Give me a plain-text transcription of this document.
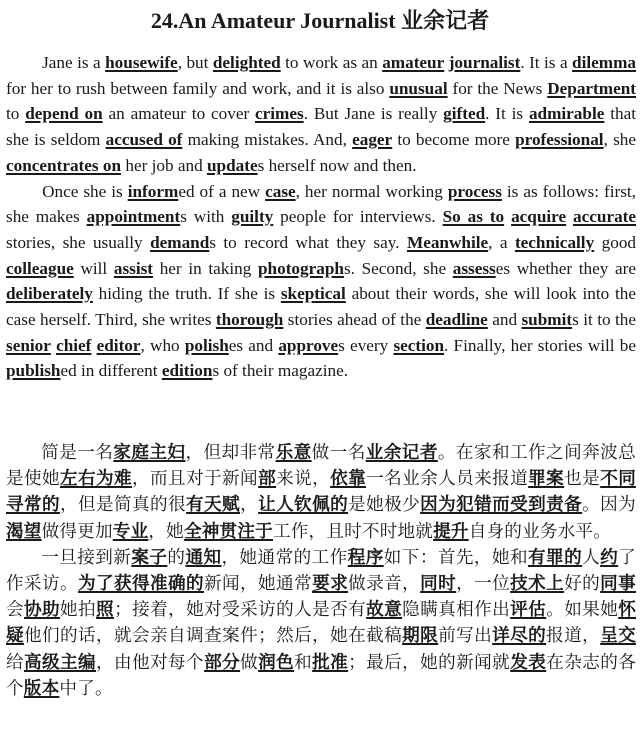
24.An Amateur Journalist 业余记者

Jane is a housewife, but delighted to work as an amateur journalist. It is a dilemma for her to rush between family and work, and it is also unusual for the News Department to depend on an amateur to cover crimes. But Jane is really gifted. It is admirable that she is seldom accused of making mistakes. And, eager to become more professional, she concentrates on her job and updates herself now and then.

Once she is informed of a new case, her normal working process is as follows: first, she makes appointments with guilty people for interviews. So as to acquire accurate stories, she usually demands to record what they say. Meanwhile, a technically good colleague will assist her in taking photographs. Second, she assesses whether they are deliberately hiding the truth. If she is skeptical about their words, she will look into the case herself. Third, she writes thorough stories ahead of the deadline and submits it to the senior chief editor, who polishes and approves every section. Finally, her stories will be published in different editions of their magazine.

简是一名家庭主妇，但却非常乐意做一名业余记者。在家和工作之间奔波总是使她左右为难，而且对于新闻部来说，依靠一名业余人员来报道罪案也是不同寻常的，但是简真的很有天赋，让人钦佩的是她极少因为犯错而受到责备。因为渴望做得更加专业，她全神贯注于工作，且时不时地就提升自身的业务水平。

一旦接到新案子的通知，她通常的工作程序如下：首先，她和有罪的人约了作采访。为了获得准确的新闻，她通常要求做录音，同时，一位技术上好的同事会协助她拍照；接着，她对受采访的人是否有故意隐瞒真相作出评估。如果她怀疑他们的话，就会亲自调查案件；然后，她在截稿期限前写出详尽的报道，呈交给高级主编，由他对每个部分做润色和批准；最后，她的新闻就发表在杂志的各个版本中了。
